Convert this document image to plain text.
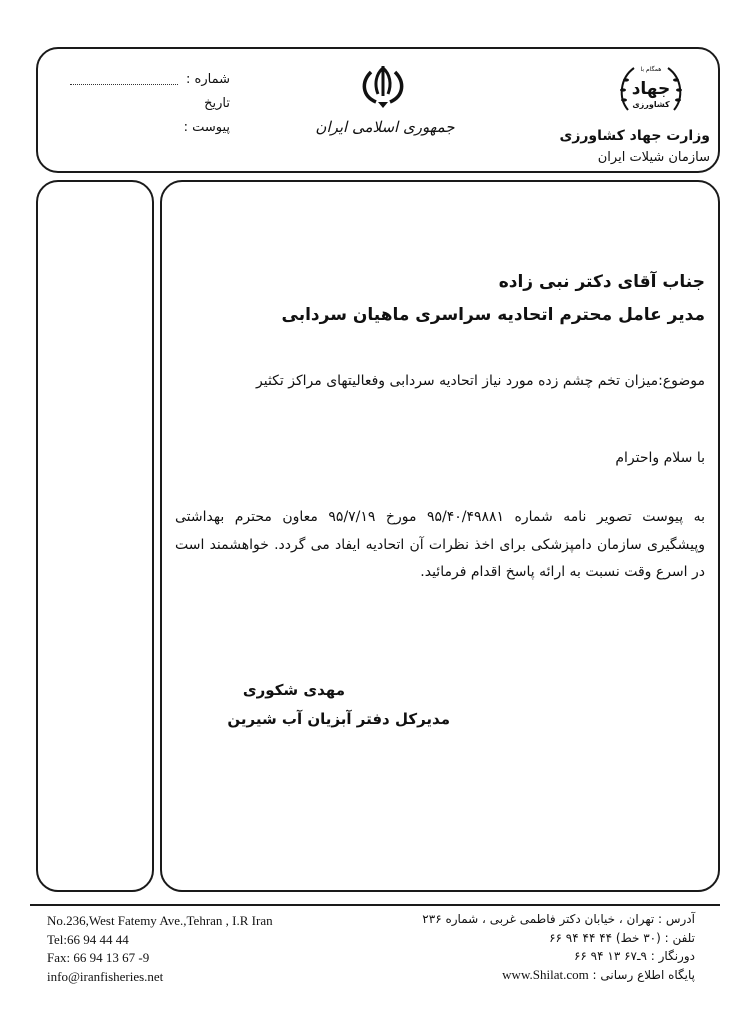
شماره :
تاریخ
پیوست :	جمهوری اسلامی ایران
همگام با
جهاد
کشاورزی
وزارت جهاد کشاورزی
سازمان شیلات ایران
جناب آقای دکتر نبی زاده
مدیر عامل محترم اتحادیه سراسری ماهیان سردابی
موضوع:میزان تخم چشم زده مورد نیاز اتحادیه سردابی وفعالیتهای مراکز تکثیر
با سلام واحترام
به پیوست تصویر نامه شماره ۹۵/۴۰/۴۹۸۸۱ مورخ ۹۵/۷/۱۹ معاون محترم بهداشتی وپیشگیری سازمان دامپزشکی برای اخذ نظرات آن اتحادیه ایفاد می گردد. خواهشمند است در اسرع وقت نسبت به ارائه پاسخ اقدام فرمائید.
مهدی شکوری
مدیرکل دفتر آبزیان آب شیرین
No.236,West Fatemy Ave.,Tehran , I.R Iran
Tel:66 94 44 44
Fax: 66 94 13 67 -9
info@iranfisheries.net
آدرس : تهران ، خیابان دکتر فاطمی غربی ، شماره ۲۳۶
تلفن : (۳۰ خط) ۴۴ ۴۴ ۹۴ ۶۶
دورنگار : ۹ـ۶۷ ۱۳ ۹۴ ۶۶
پایگاه اطلاع رسانی : www.Shilat.com
